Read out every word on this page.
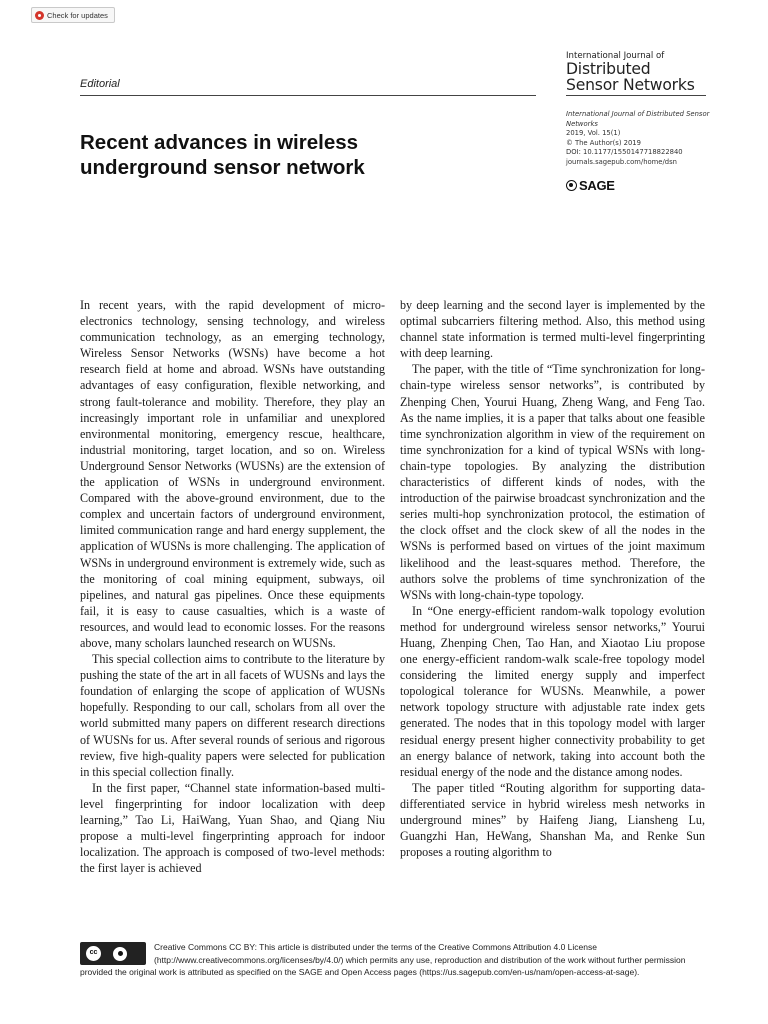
Check for updates
International Journal of
Distributed
Sensor Networks
Editorial
Recent advances in wireless underground sensor network
International Journal of Distributed Sensor Networks
2019, Vol. 15(1)
© The Author(s) 2019
DOI: 10.1177/1550147718822840
journals.sagepub.com/home/dsn
SAGE

In recent years, with the rapid development of micro-electronics technology, sensing technology, and wireless communication technology, as an emerging technology, Wireless Sensor Networks (WSNs) have become a hot research field at home and abroad. WSNs have outstanding advantages of easy configuration, flexible networking, and strong fault-tolerance and mobility. Therefore, they play an increasingly important role in unfamiliar and unexplored environmental monitoring, emergency rescue, healthcare, industrial monitoring, target location, and so on. Wireless Underground Sensor Networks (WUSNs) are the extension of the application of WSNs in underground environment. Compared with the above-ground environment, due to the complex and uncertain factors of underground environment, limited communication range and hard energy supplement, the application of WUSNs is more challenging. The application of WSNs in underground environment is extremely wide, such as the monitoring of coal mining equipment, subways, oil pipelines, and natural gas pipelines. Once these equipments fail, it is easy to cause casualties, which is a waste of resources, and would lead to economic losses. For the reasons above, many scholars launched research on WUSNs.

This special collection aims to contribute to the literature by pushing the state of the art in all facets of WUSNs and lays the foundation of enlarging the scope of application of WUSNs hopefully. Responding to our call, scholars from all over the world submitted many papers on different research directions of WUSNs for us. After several rounds of serious and rigorous review, five high-quality papers were selected for publication in this special collection finally.

In the first paper, “Channel state information-based multi-level fingerprinting for indoor localization with deep learning,” Tao Li, HaiWang, Yuan Shao, and Qiang Niu propose a multi-level fingerprinting approach for indoor localization. The approach is composed of two-level methods: the first layer is achieved

by deep learning and the second layer is implemented by the optimal subcarriers filtering method. Also, this method using channel state information is termed multi-level fingerprinting with deep learning.

The paper, with the title of “Time synchronization for long-chain-type wireless sensor networks”, is contributed by Zhenping Chen, Yourui Huang, Zheng Wang, and Feng Tao. As the name implies, it is a paper that talks about one feasible time synchronization algorithm in view of the requirement on time synchronization for a kind of typical WSNs with long-chain-type topologies. By analyzing the distribution characteristics of different kinds of nodes, with the introduction of the pairwise broadcast synchronization and the series multi-hop synchronization protocol, the estimation of the clock offset and the clock skew of all the nodes in the WSNs is performed based on virtues of the joint maximum likelihood and the least-squares method. Therefore, the authors solve the problems of time synchronization of the WSNs with long-chain-type topology.

In “One energy-efficient random-walk topology evolution method for underground wireless sensor networks,” Yourui Huang, Zhenping Chen, Tao Han, and Xiaotao Liu propose one energy-efficient random-walk scale-free topology model considering the limited energy supply and imperfect topological tolerance for WUSNs. Meanwhile, a power network topology structure with adjustable rate index gets generated. The nodes that in this topology model with larger residual energy present higher connectivity probability to get an energy balance of network, taking into account both the residual energy of the node and the distance among nodes.

The paper titled “Routing algorithm for supporting data-differentiated service in hybrid wireless mesh networks in underground mines” by Haifeng Jiang, Liansheng Lu, Guangzhi Han, HeWang, Shanshan Ma, and Renke Sun proposes a routing algorithm to

cc
Creative Commons CC BY: This article is distributed under the terms of the Creative Commons Attribution 4.0 License (http://www.creativecommons.org/licenses/by/4.0/) which permits any use, reproduction and distribution of the work without further permission provided the original work is attributed as specified on the SAGE and Open Access pages (https://us.sagepub.com/en-us/nam/open-access-at-sage).
